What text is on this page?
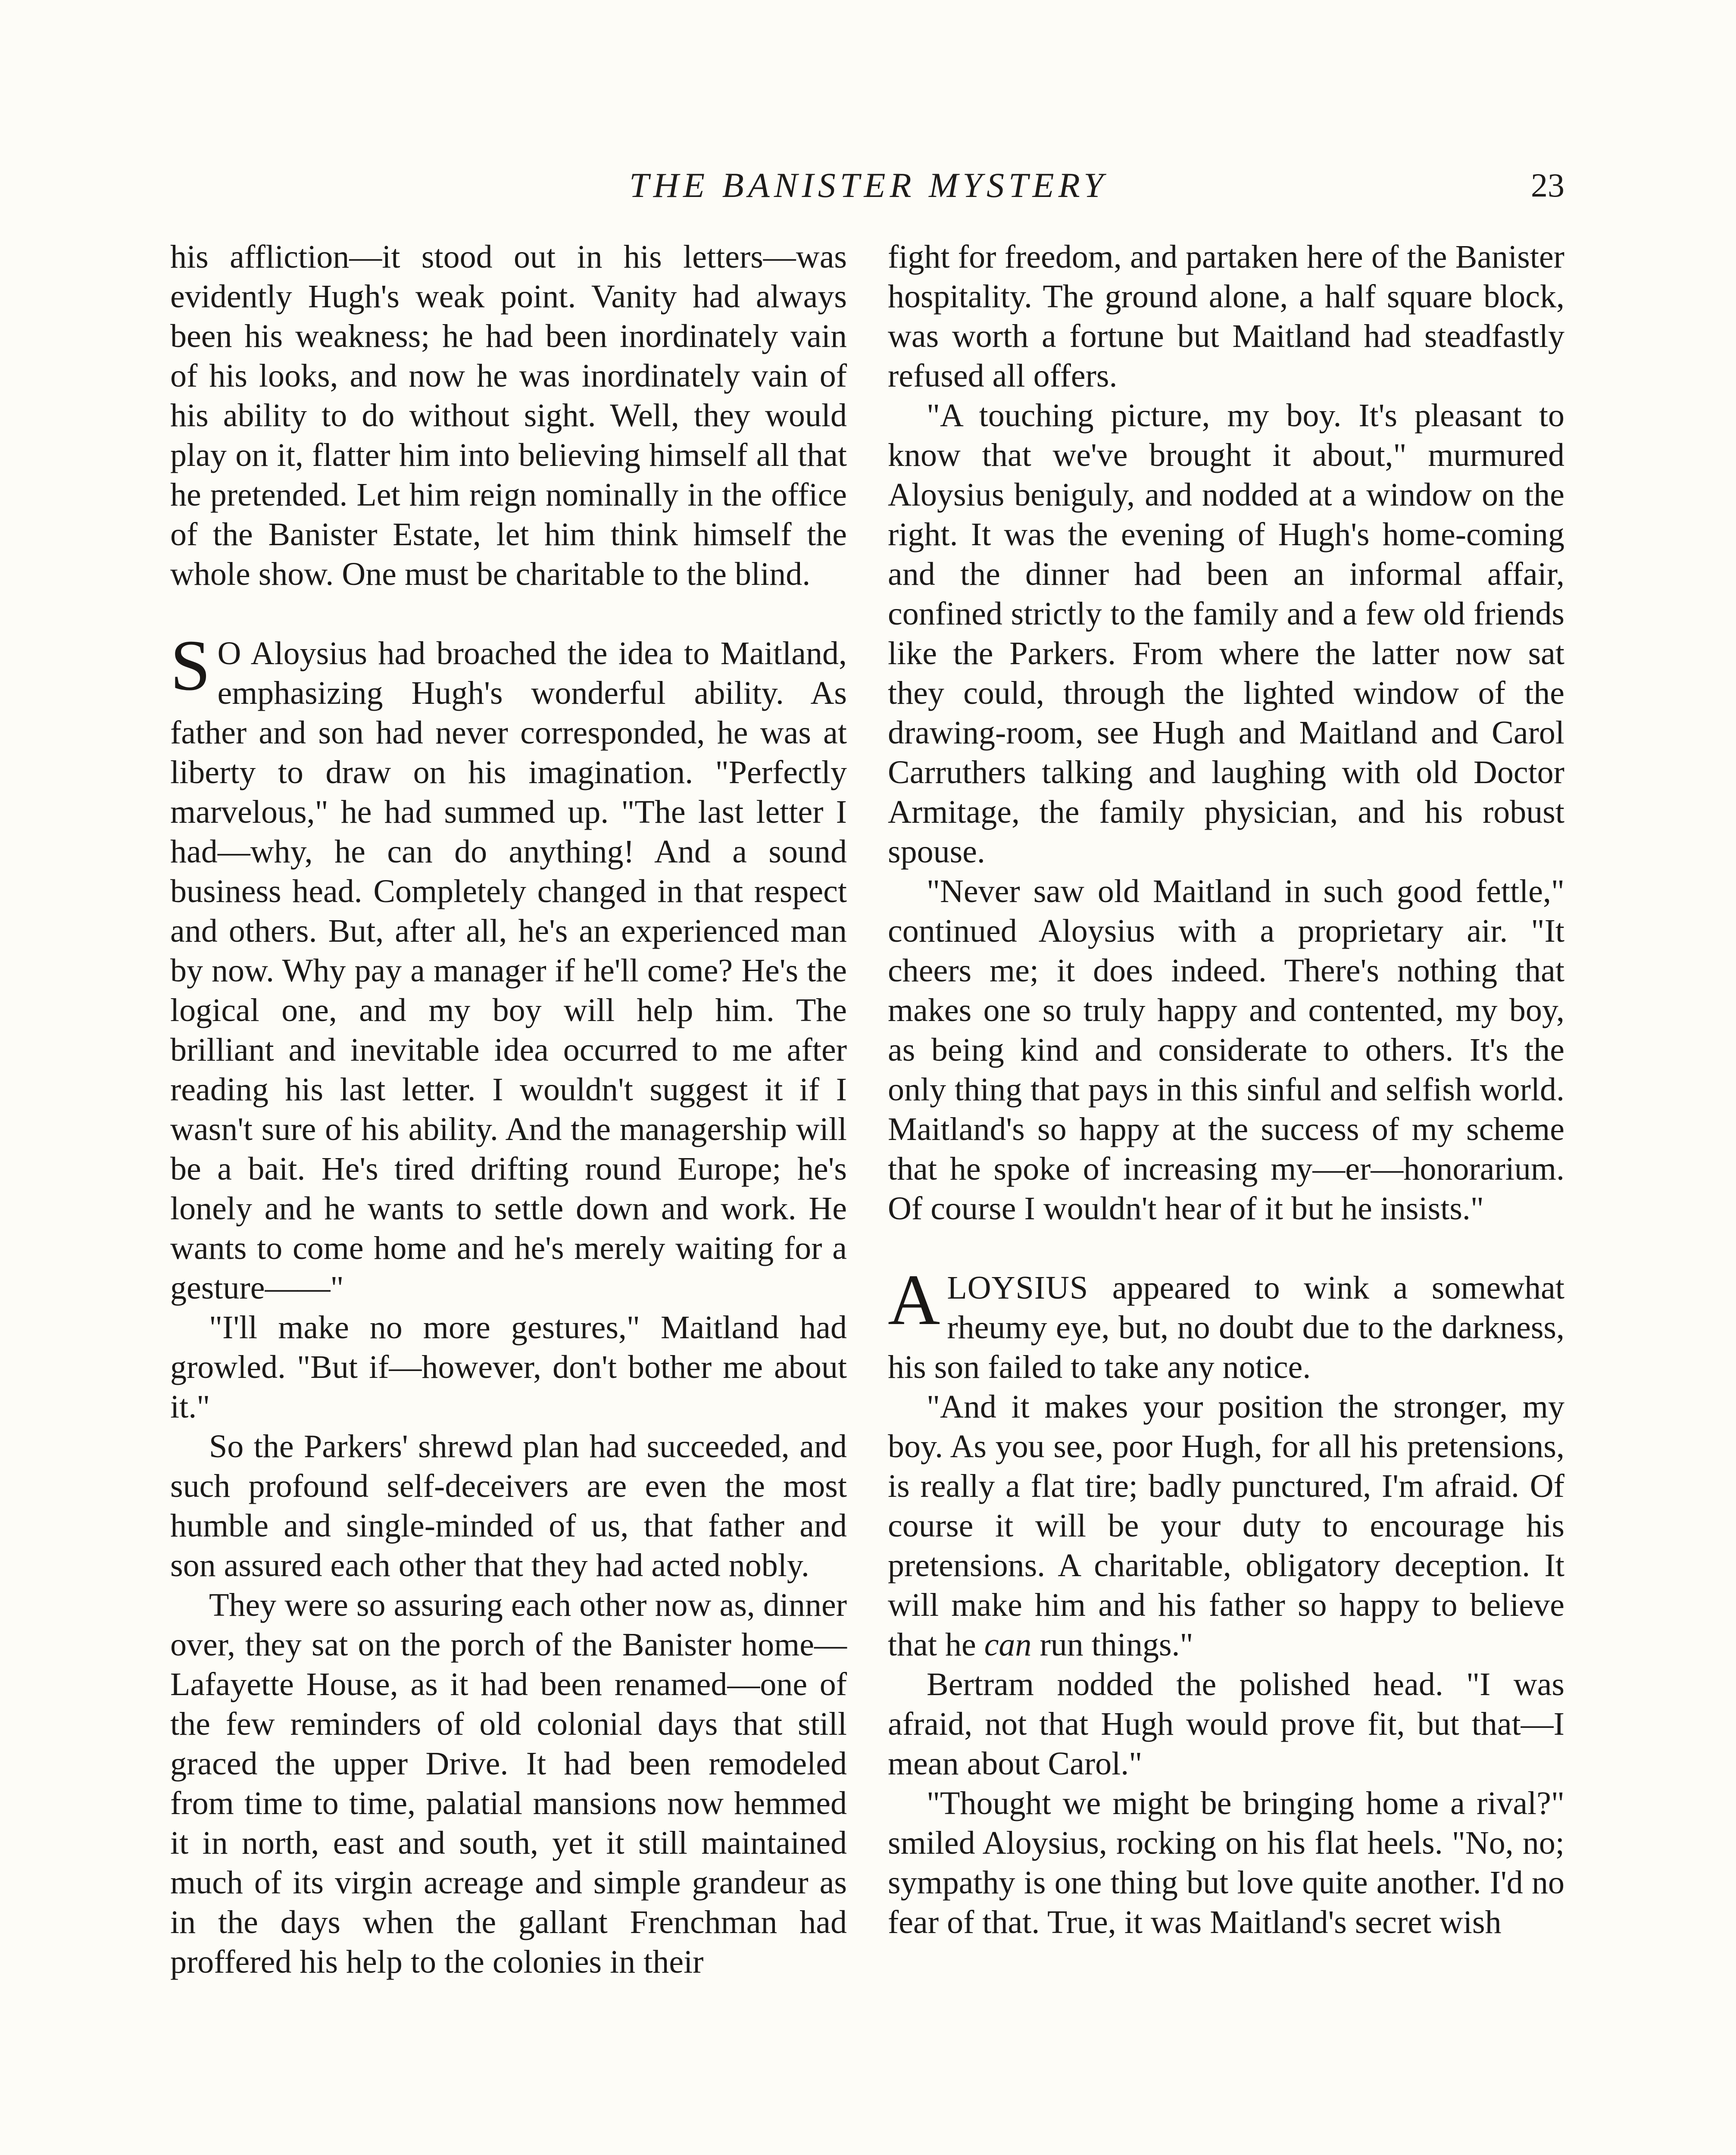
THE BANISTER MYSTERY	23

his affliction—it stood out in his letters—was evidently Hugh's weak point. Vanity had always been his weakness; he had been inordinately vain of his looks, and now he was inordinately vain of his ability to do without sight. Well, they would play on it, flatter him into believing himself all that he pretended. Let him reign nominally in the office of the Banister Estate, let him think himself the whole show. One must be charitable to the blind.

S O Aloysius had broached the idea to Maitland, emphasizing Hugh's wonderful ability. As father and son had never corresponded, he was at liberty to draw on his imagination. "Perfectly marvelous," he had summed up. "The last letter I had—why, he can do anything! And a sound business head. Completely changed in that respect and others. But, after all, he's an experienced man by now. Why pay a manager if he'll come? He's the logical one, and my boy will help him. The brilliant and inevitable idea occurred to me after reading his last letter. I wouldn't suggest it if I wasn't sure of his ability. And the managership will be a bait. He's tired drifting round Europe; he's lonely and he wants to settle down and work. He wants to come home and he's merely waiting for a gesture——"

"I'll make no more gestures," Maitland had growled. "But if—however, don't bother me about it."

So the Parkers' shrewd plan had succeeded, and such profound self-deceivers are even the most humble and single-minded of us, that father and son assured each other that they had acted nobly.

They were so assuring each other now as, dinner over, they sat on the porch of the Banister home—Lafayette House, as it had been renamed—one of the few reminders of old colonial days that still graced the upper Drive. It had been remodeled from time to time, palatial mansions now hemmed it in north, east and south, yet it still maintained much of its virgin acreage and simple grandeur as in the days when the gallant Frenchman had proffered his help to the colonies in their

fight for freedom, and partaken here of the Banister hospitality. The ground alone, a half square block, was worth a fortune but Maitland had steadfastly refused all offers.

"A touching picture, my boy. It's pleasant to know that we've brought it about," murmured Aloysius beniguly, and nodded at a window on the right. It was the evening of Hugh's home-coming and the dinner had been an informal affair, confined strictly to the family and a few old friends like the Parkers. From where the latter now sat they could, through the lighted window of the drawing-room, see Hugh and Maitland and Carol Carruthers talking and laughing with old Doctor Armitage, the family physician, and his robust spouse.

"Never saw old Maitland in such good fettle," continued Aloysius with a proprietary air. "It cheers me; it does indeed. There's nothing that makes one so truly happy and contented, my boy, as being kind and considerate to others. It's the only thing that pays in this sinful and selfish world. Maitland's so happy at the success of my scheme that he spoke of increasing my—er—honorarium. Of course I wouldn't hear of it but he insists."

ALOYSIUS appeared to wink a somewhat rheumy eye, but, no doubt due to the darkness, his son failed to take any notice.

"And it makes your position the stronger, my boy. As you see, poor Hugh, for all his pretensions, is really a flat tire; badly punctured, I'm afraid. Of course it will be your duty to encourage his pretensions. A charitable, obligatory deception. It will make him and his father so happy to believe that he can run things."

Bertram nodded the polished head. "I was afraid, not that Hugh would prove fit, but that—I mean about Carol."

"Thought we might be bringing home a rival?" smiled Aloysius, rocking on his flat heels. "No, no; sympathy is one thing but love quite another. I'd no fear of that. True, it was Maitland's secret wish
